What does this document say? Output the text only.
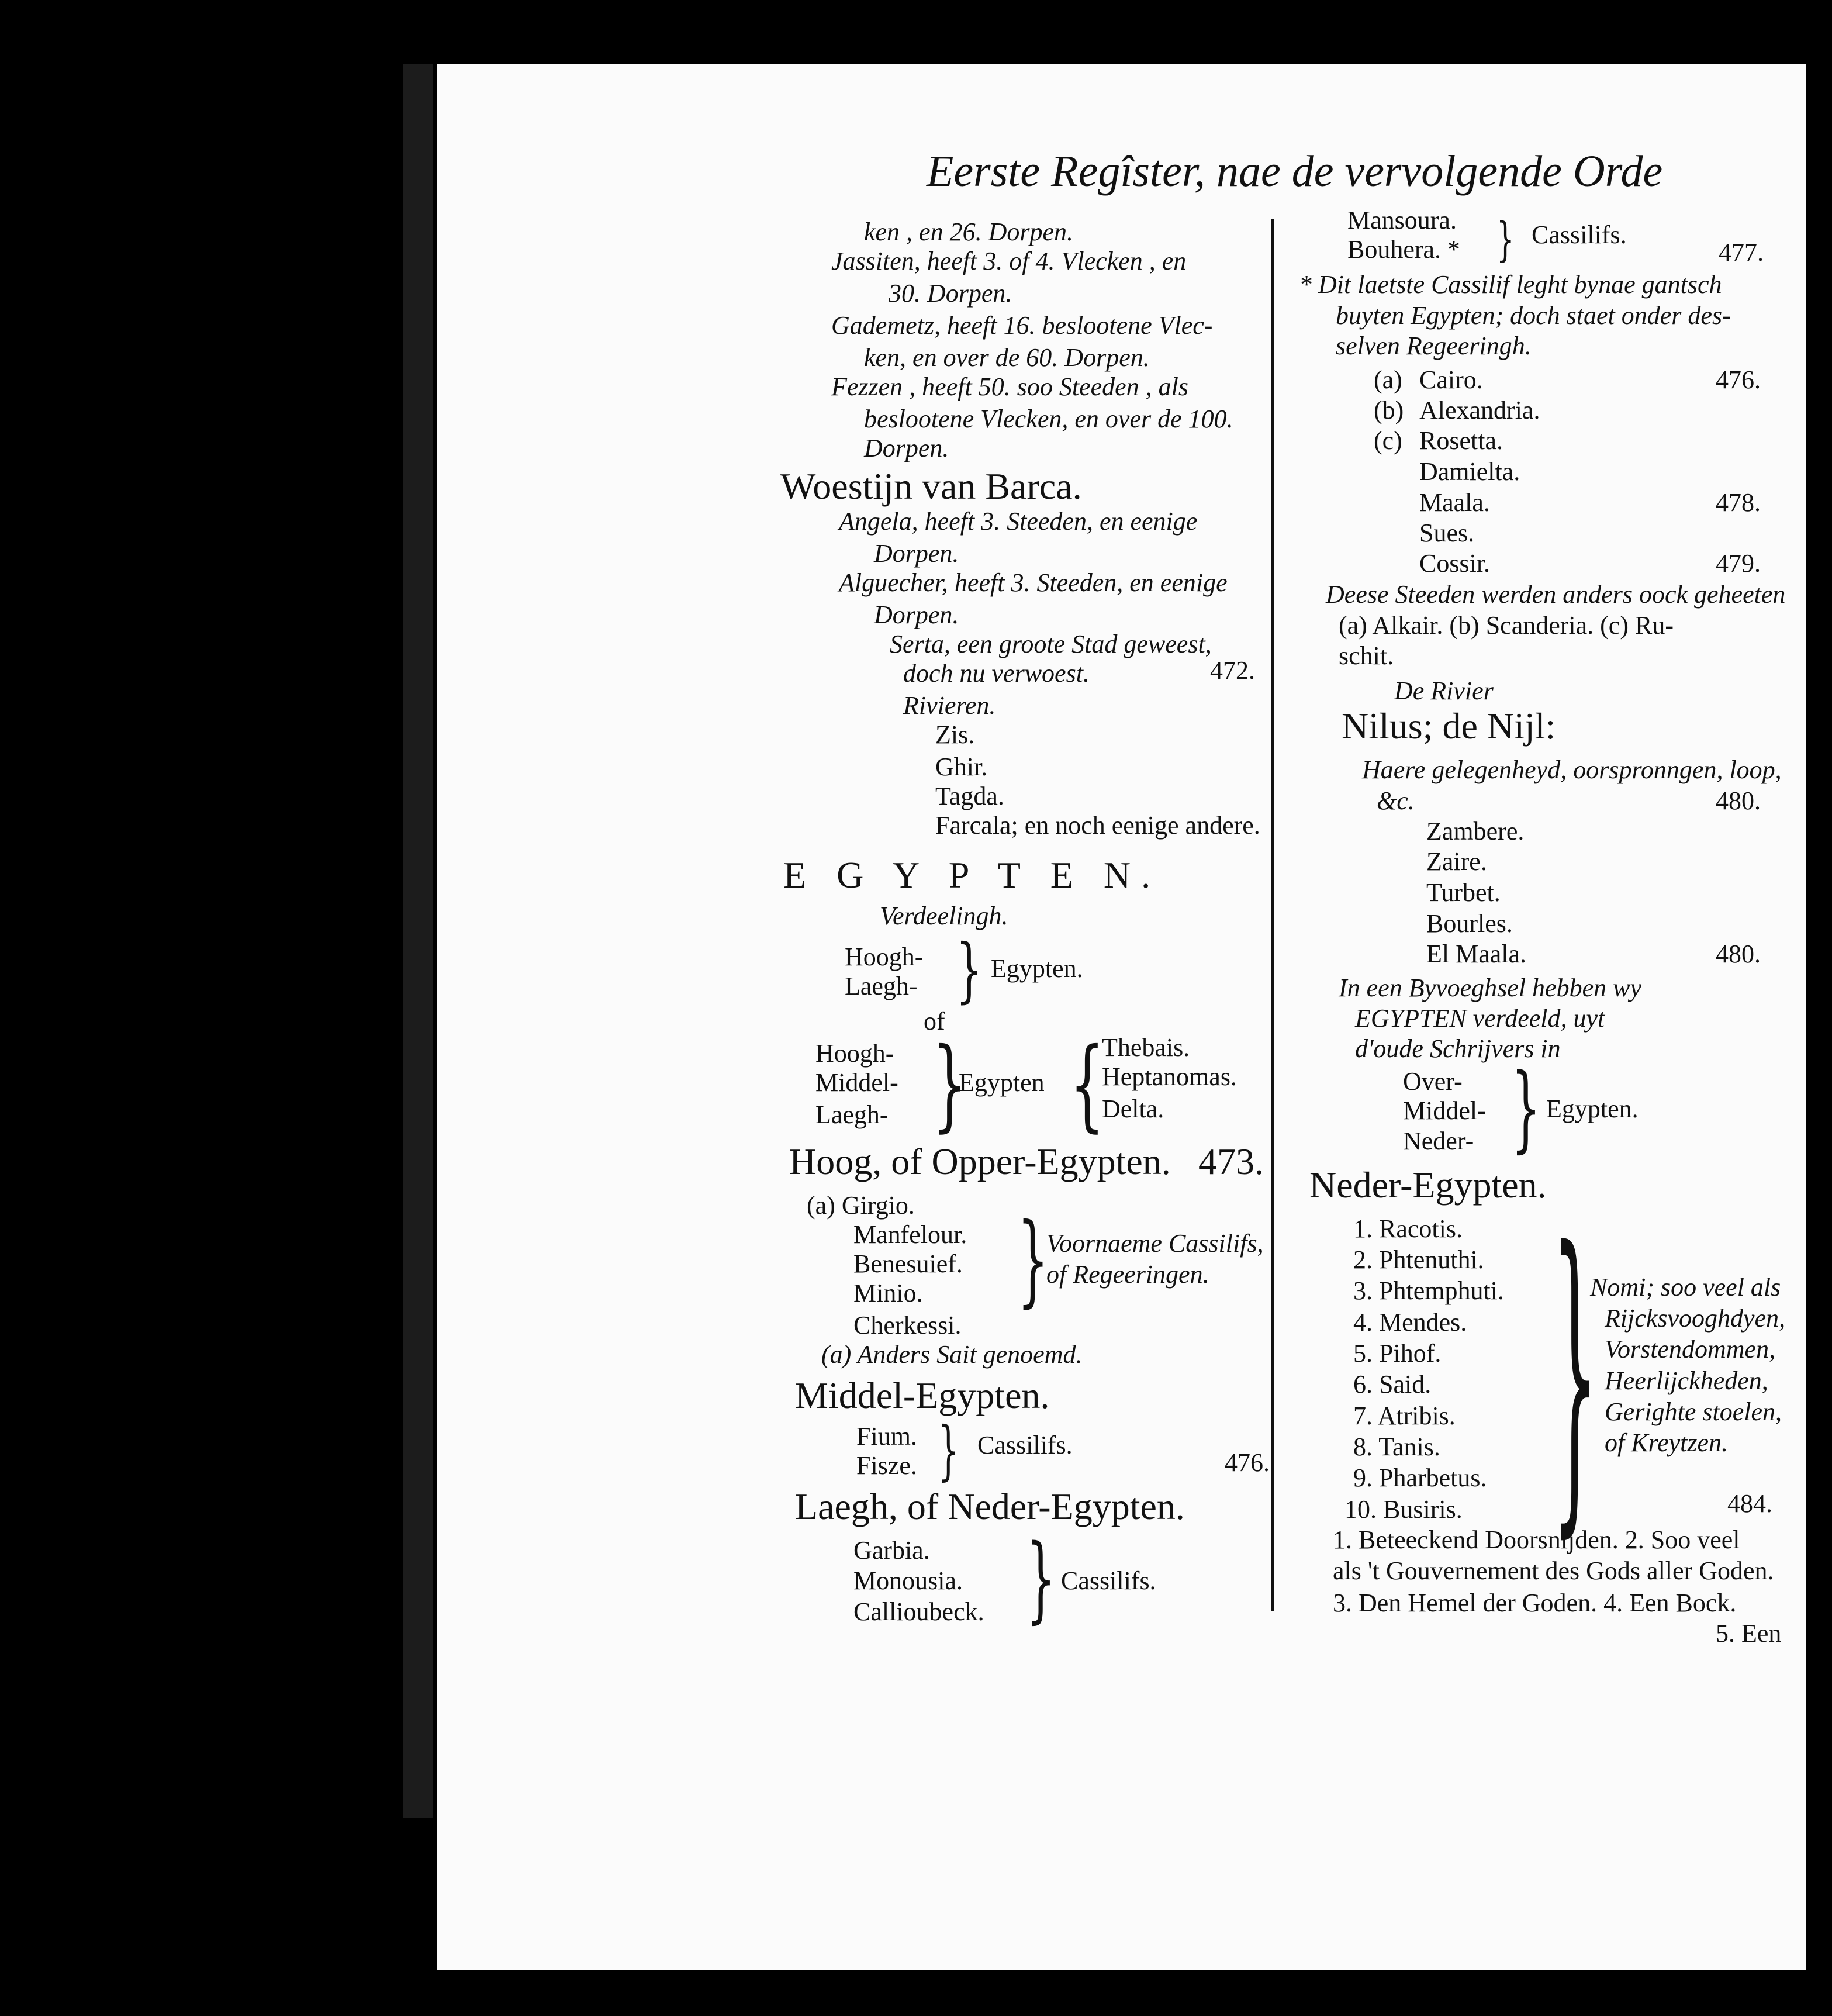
Eerste Regîster, nae de vervolgende Orde
ken , en 26. Dorpen.
Jassiten, heeft 3. of 4. Vlecken , en
30. Dorpen.
Gademetz, heeft 16. beslootene Vlec-
ken, en over de 60. Dorpen.
Fezzen , heeft 50. soo Steeden , als
beslootene Vlecken, en over de 100.
Dorpen.
Woestijn van Barca.
Angela, heeft 3. Steeden, en eenige
Dorpen.
Alguecher, heeft 3. Steeden, en eenige
Dorpen.
Serta, een groote Stad geweest,
doch nu verwoest.	472.
Rivieren.
Zis.
Ghir.
Tagda.
Farcala; en noch eenige andere.
E G Y P T E N.
Verdeelingh.
Hoogh-
Laegh- } Egypten.
of
Hoogh-
Middel-
Laegh- }
Egypten {
Thebais.
Heptanomas.
Delta.
Hoog, of Opper-Egypten. 473.
(a) Girgio.
Manfelour.
Benesuief.
Minio.
Cherkessi.
}
Voornaeme Cassilifs,
of Regeeringen.
(a) Anders Sait genoemd.
Middel-Egypten.
Fium.
Fisze. } Cassilifs.
476.
Laegh, of Neder-Egypten.
Garbia.
Monousia.
Callioubeck. } Cassilifs.
Mansoura.
Bouhera. * } Cassilifs.
477.
* Dit laetste Cassilif leght bynae gantsch
buyten Egypten; doch staet onder des-
selven Regeeringh.
(a) Cairo.	476.
(b) Alexandria.
(c) Rosetta.
Damielta.
Maala.	478.
Sues.
Cossir.	479.
Deese Steeden werden anders oock geheeten
(a) Alkair. (b) Scanderia. (c) Ru-
schit.
De Rivier
Nilus; de Nijl:
Haere gelegenheyd, oorspronngen, loop,
&c.	480.
Zambere.
Zaire.
Turbet.
Bourles.
El Maala.	480.
In een Byvoeghsel hebben wy
EGYPTEN verdeeld, uyt
d'oude Schrijvers in
Over-
Middel-
Neder- } Egypten.
Neder-Egypten.
1. Racotis.
2. Phtenuthi.
3. Phtemphuti.
4. Mendes.
5. Pihof.
6. Said.
7. Atribis.
8. Tanis.
9. Pharbetus.
10. Busiris. }
Nomi; soo veel als
Rijcksvooghdyen,
Vorstendommen,
Heerlijckheden,
Gerighte stoelen,
of Kreytzen.
484.
1. Beteeckend Doorsnijden. 2. Soo veel
als 't Gouvernement des Gods aller Goden.
3. Den Hemel der Goden. 4. Een Bock.
5. Een
